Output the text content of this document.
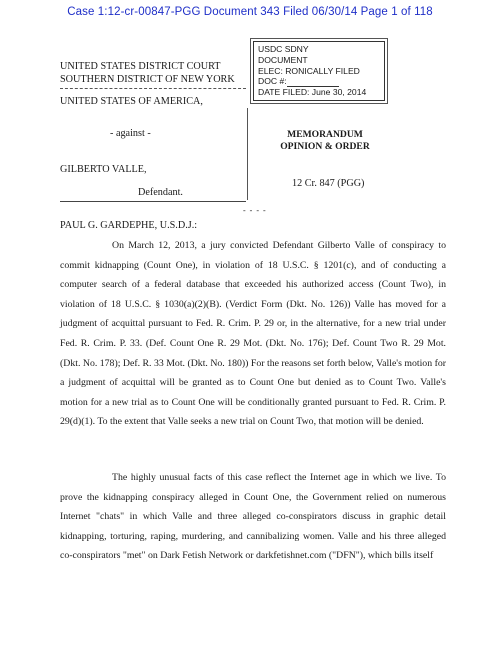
Case 1:12-cr-00847-PGG Document 343 Filed 06/30/14 Page 1 of 118
UNITED STATES DISTRICT COURT
SOUTHERN DISTRICT OF NEW YORK
USDC SDNY
DOCUMENT
ELEC: RONICALLY FILED
DOC #:
DATE FILED: June 30, 2014
UNITED STATES OF AMERICA,
- against -
GILBERTO VALLE,
Defendant.
MEMORANDUM
OPINION & ORDER
12 Cr. 847 (PGG)
- - - -
PAUL G. GARDEPHE, U.S.D.J.:

On March 12, 2013, a jury convicted Defendant Gilberto Valle of conspiracy to commit kidnapping (Count One), in violation of 18 U.S.C. § 1201(c), and of conducting a computer search of a federal database that exceeded his authorized access (Count Two), in violation of 18 U.S.C. § 1030(a)(2)(B). (Verdict Form (Dkt. No. 126)) Valle has moved for a judgment of acquittal pursuant to Fed. R. Crim. P. 29 or, in the alternative, for a new trial under Fed. R. Crim. P. 33. (Def. Count One R. 29 Mot. (Dkt. No. 176); Def. Count Two R. 29 Mot. (Dkt. No. 178); Def. R. 33 Mot. (Dkt. No. 180)) For the reasons set forth below, Valle's motion for a judgment of acquittal will be granted as to Count One but denied as to Count Two. Valle's motion for a new trial as to Count One will be conditionally granted pursuant to Fed. R. Crim. P. 29(d)(1). To the extent that Valle seeks a new trial on Count Two, that motion will be denied.

The highly unusual facts of this case reflect the Internet age in which we live. To prove the kidnapping conspiracy alleged in Count One, the Government relied on numerous Internet "chats" in which Valle and three alleged co-conspirators discuss in graphic detail kidnapping, torturing, raping, murdering, and cannibalizing women. Valle and his three alleged co-conspirators "met" on Dark Fetish Network or darkfetishnet.com ("DFN"), which bills itself
